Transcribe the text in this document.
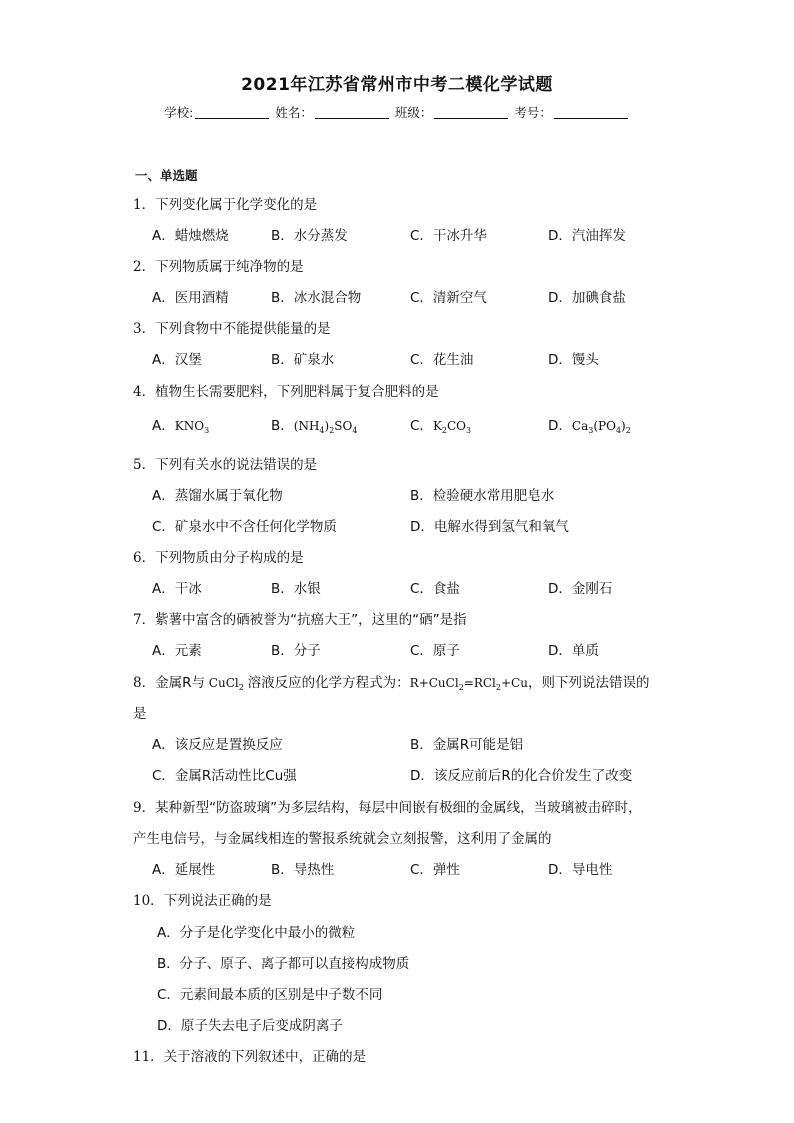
2021年江苏省常州市中考二模化学试题
学校:	姓名：	班级：	考号：
一、单选题
1．下列变化属于化学变化的是
A．蜡烛燃烧	B．水分蒸发	C．干冰升华	D．汽油挥发
2．下列物质属于纯净物的是
A．医用酒精	B．冰水混合物	C．清新空气	D．加碘食盐
3．下列食物中不能提供能量的是
A．汉堡	B．矿泉水	C．花生油	D．馒头
4．植物生长需要肥料，下列肥料属于复合肥料的是
A．$KNO_3$	B．$(NH_4)_2SO_4$	C．$K_2CO_3$	D．$Ca_3(PO_4)_2$
5．下列有关水的说法错误的是
A．蒸馏水属于氧化物	B．检验硬水常用肥皂水
C．矿泉水中不含任何化学物质	D．电解水得到氢气和氧气
6．下列物质由分子构成的是
A．干冰	B．水银	C．食盐	D．金刚石
7．紫薯中富含的硒被誉为“抗癌大王”，这里的“硒”是指
A．元素	B．分子	C．原子	D．单质
8．金属R与 CuCl$_2$ 溶液反应的化学方程式为：R+CuCl$_2$=RCl$_2$+Cu，则下列说法错误的
是
A．该反应是置换反应	B．金属R可能是铝
C．金属R活动性比Cu强	D．该反应前后R的化合价发生了改变
9．某种新型“防盗玻璃”为多层结构，每层中间嵌有极细的金属线，当玻璃被击碎时，
产生电信号，与金属线相连的警报系统就会立刻报警，这利用了金属的
A．延展性	B．导热性	C．弹性	D．导电性
10．下列说法正确的是
A．分子是化学变化中最小的微粒
B．分子、原子、离子都可以直接构成物质
C．元素间最本质的区别是中子数不同
D．原子失去电子后变成阴离子
11．关于溶液的下列叙述中，正确的是
